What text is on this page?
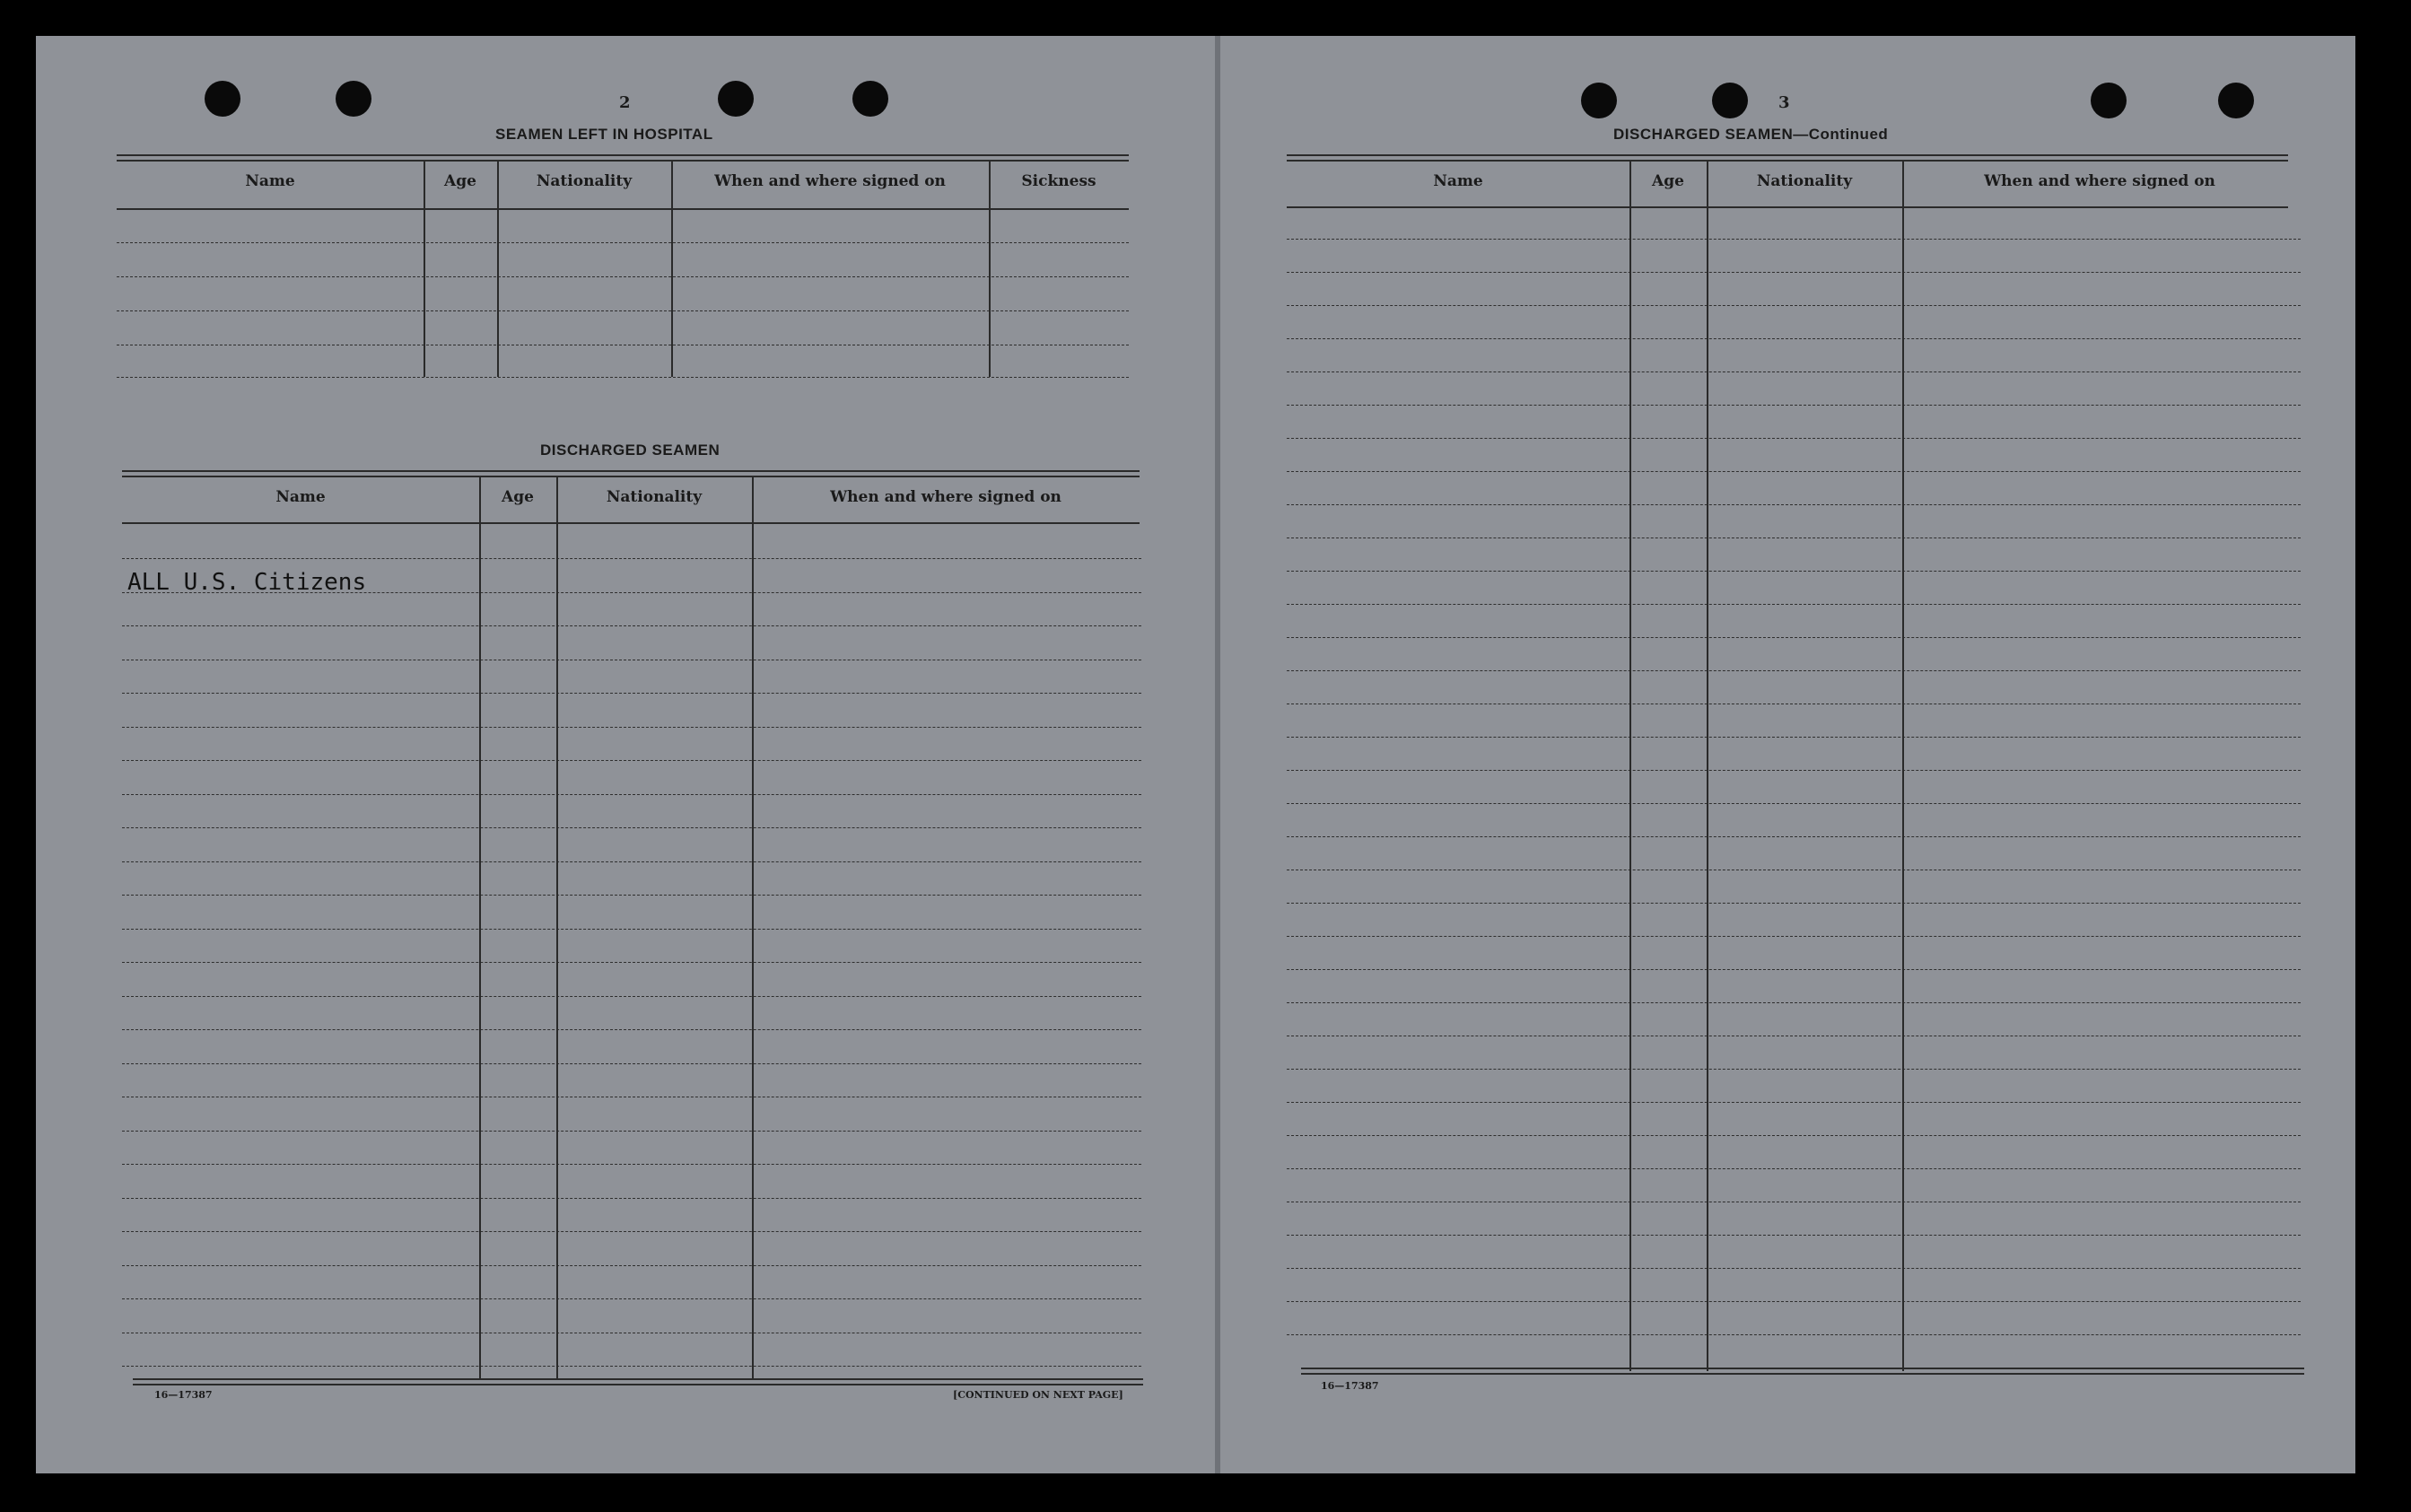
2
SEAMEN LEFT IN HOSPITAL
Name	Age	Nationality	When and where signed on	Sickness
DISCHARGED SEAMEN
Name	Age	Nationality	When and where signed on
ALL U.S. Citizens
16—17387	[CONTINUED ON NEXT PAGE]
3
DISCHARGED SEAMEN—Continued
Name	Age	Nationality	When and where signed on
16—17387
